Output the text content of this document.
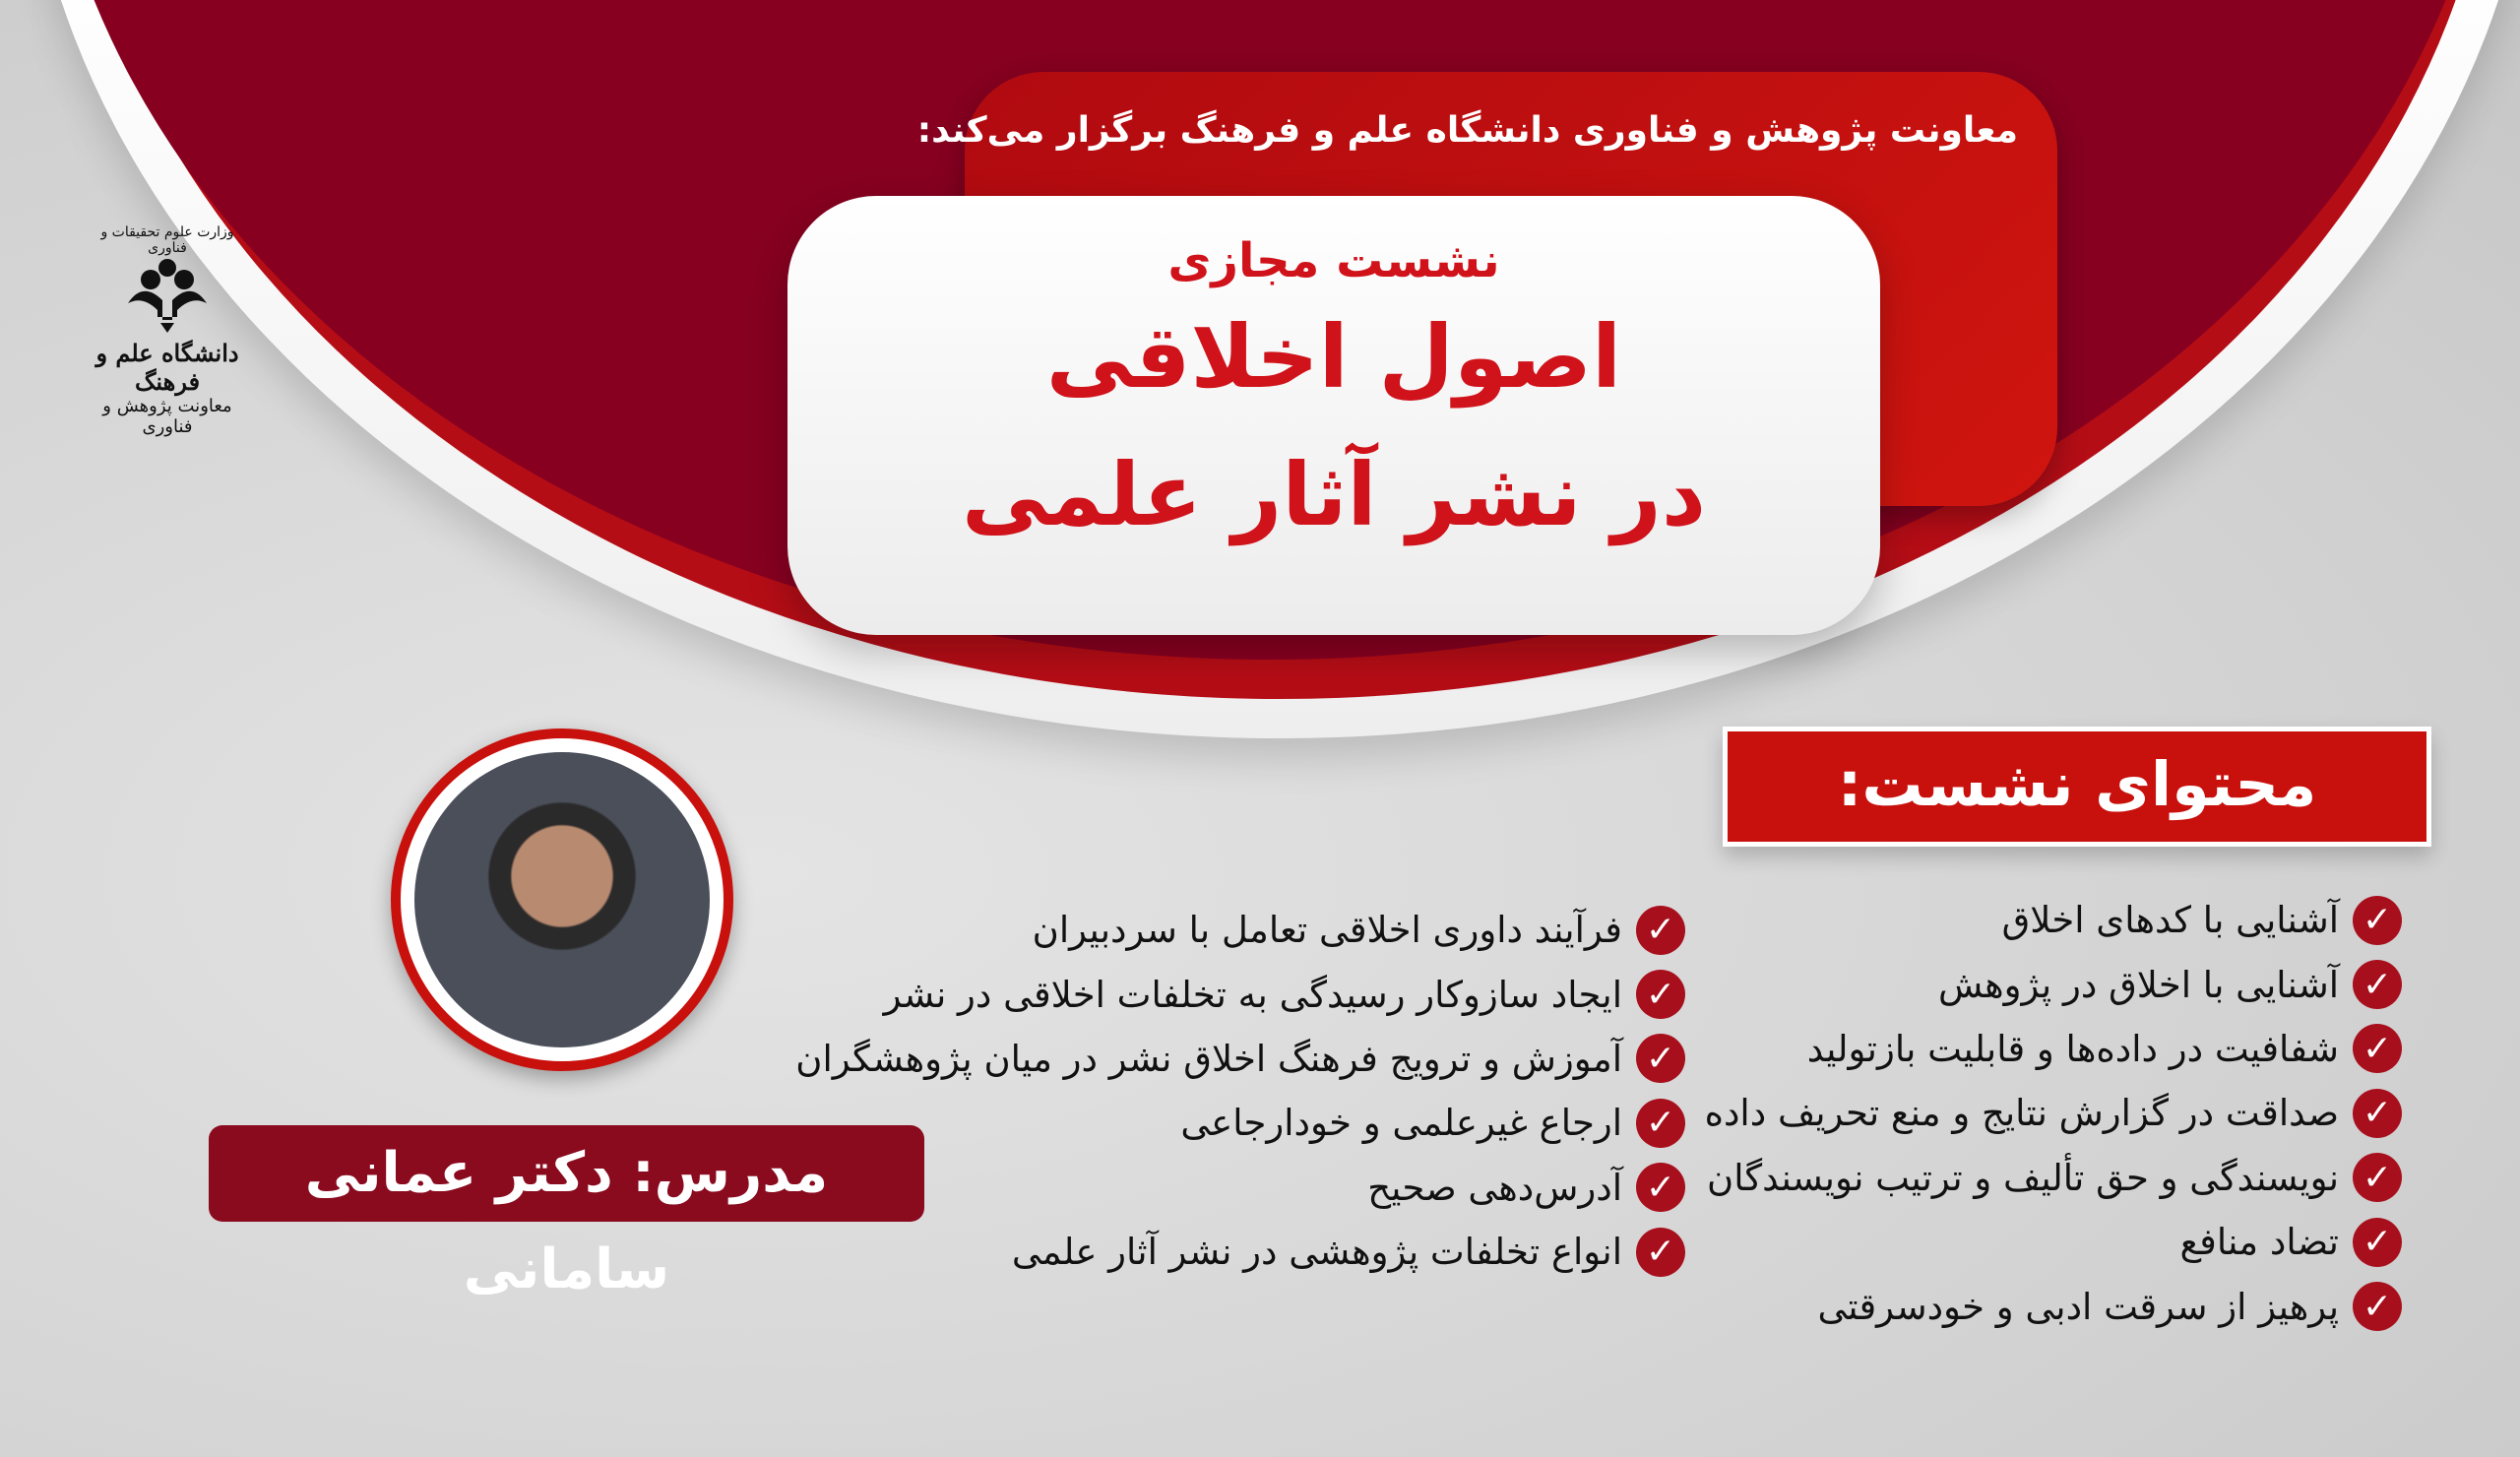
معاونت پژوهش و فناوری دانشگاه علم و فرهنگ برگزار می‌کند:
نشست مجازی
اصول اخلاقی
در نشر آثار علمی
وزارت علوم تحقیقات و فناوری
دانشگاه علم و فرهنگ
معاونت پژوهش و فناوری
محتوای نشست:
✓
آشنایی با کدهای اخلاق
✓
آشنایی با اخلاق در پژوهش
✓
شفافیت در داده‌ها و قابلیت بازتولید
✓
صداقت در گزارش نتایج و منع تحریف داده
✓
نویسندگی و حق تألیف و ترتیب نویسندگان
✓
تضاد منافع
✓
پرهیز از سرقت ادبی و خودسرقتی
✓
فرآیند داوری اخلاقی تعامل با سردبیران
✓
ایجاد سازوکار رسیدگی به تخلفات اخلاقی در نشر
✓
آموزش و ترویج فرهنگ اخلاق نشر در میان پژوهشگران
✓
ارجاع غیرعلمی و خودارجاعی
✓
آدرس‌دهی صحیح
✓
انواع تخلفات پژوهشی در نشر آثار علمی
مدرس: دکتر عمانی سامانی
